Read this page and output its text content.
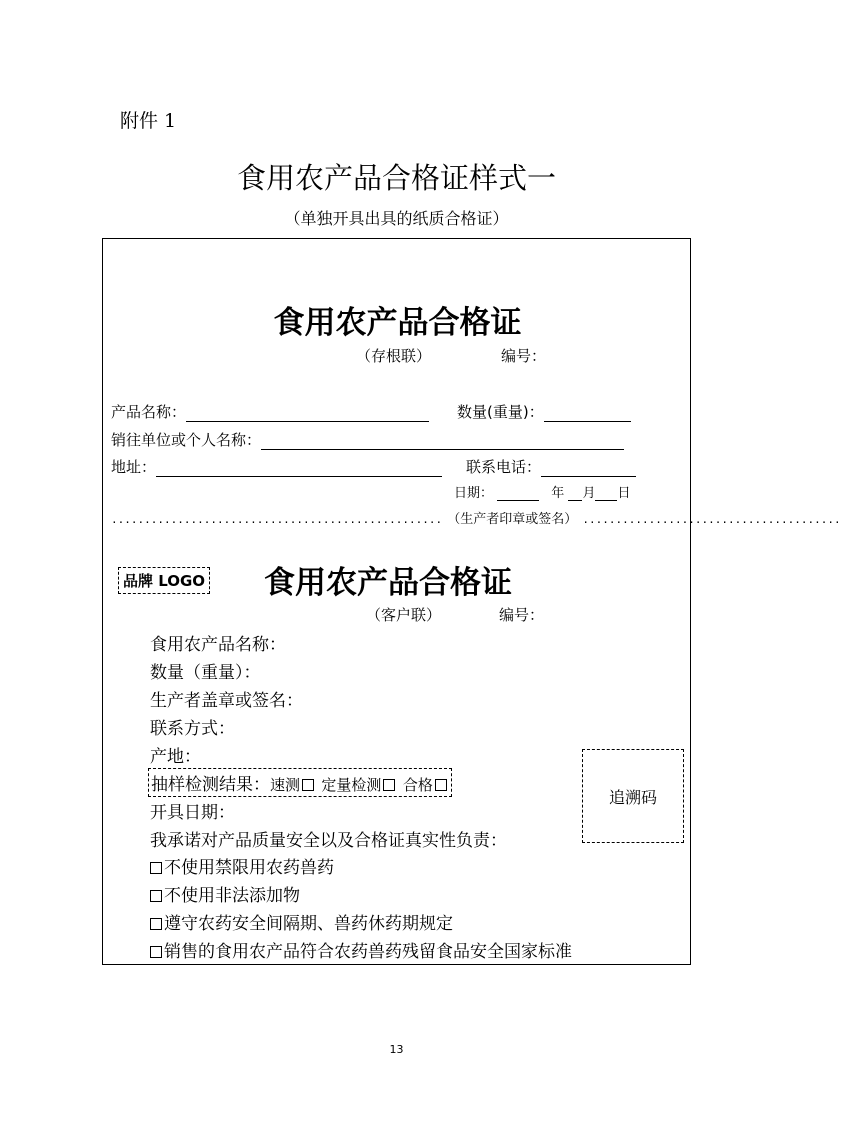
附件 1
食用农产品合格证样式一
（单独开具出具的纸质合格证）
食用农产品合格证
（存根联）	编号：
产品名称：	数量(重量)：
销往单位或个人名称：
地址：	联系电话：
日期：	年 月 日
.................................................. （生产者印章或签名） .......................................
品牌 LOGO 食用农产品合格证
（客户联）	编号：
食用农产品名称：
数量（重量）：
生产者盖章或签名：
联系方式：
产地：
抽样检测结果：速测 定量检测 合格
开具日期：
我承诺对产品质量安全以及合格证真实性负责：
追溯码
不使用禁限用农药兽药
不使用非法添加物
遵守农药安全间隔期、兽药休药期规定
销售的食用农产品符合农药兽药残留食品安全国家标准
13
